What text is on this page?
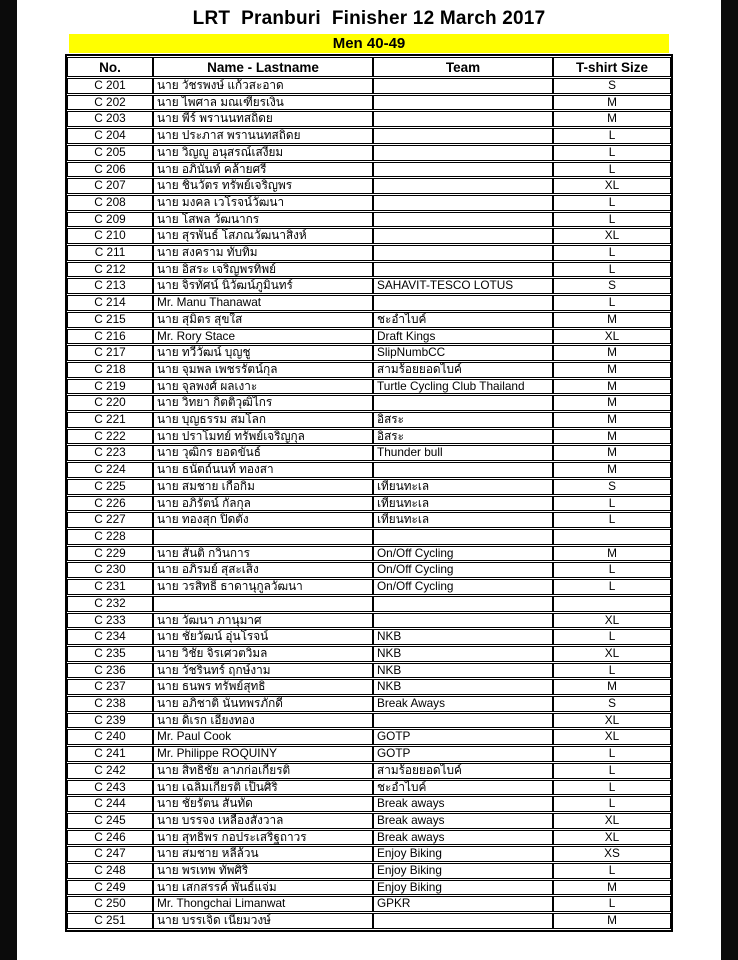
LRT  Pranburi  Finisher 12 March 2017
Men 40-49
No.	Name - Lastname	Team	T-shirt Size
C 201	นาย วัชรพงษ์ แก้วสะอาด		S
C 202	นาย ไพศาล มณเฑียรเงิน		M
C 203	นาย พีร์ พรานนทสถิดย		M
C 204	นาย ประภาส พรานนทสถิดย		L
C 205	นาย วิญญู อนุสรณ์เสงี่ยม		L
C 206	นาย อภินันท์ คล้ายศรี		L
C 207	นาย ชินวัตร ทรัพย์เจริญพร		XL
C 208	นาย มงคล เวโรจน์วัฒนา		L
C 209	นาย โสพล วัฒนากร		L
C 210	นาย สุรพันธ์ โสภณวัฒนาสิงห์		XL
C 211	นาย สงคราม ทับทิม		L
C 212	นาย อิสระ เจริญพรทิพย์		L
C 213	นาย จิรทัศน์ นิวัฒน์ภูมินทร์	SAHAVIT-TESCO LOTUS	S
C 214	Mr. Manu Thanawat		L
C 215	นาย สุมิตร สุขใส	ชะอำไบค์	M
C 216	Mr. Rory Stace	Draft Kings	XL
C 217	นาย ทวีวัฒน์ บุญชู	SlipNumbCC	M
C 218	นาย จุมพล เพชรรัตน์กุล	สามร้อยยอดไบค์	M
C 219	นาย จุลพงศ์ ผลเงาะ	Turtle Cycling Club Thailand	M
C 220	นาย วิทยา กิตติวุฒิไกร		M
C 221	นาย บุญธรรม สมโลก	อิสระ	M
C 222	นาย ปราโมทย์ ทรัพย์เจริญกุล	อิสระ	M
C 223	นาย วุฒิกร ยอดขันธ์	Thunder bull	M
C 224	นาย ธนัตถ์นนท์ ทองสา		M
C 225	นาย สมชาย เกื้อกิ้ม	เทียนทะเล	S
C 226	นาย อภิรัตน์ กัลกุล	เทียนทะเล	L
C 227	นาย ทองสุก ปิดตัง	เทียนทะเล	L
C 228			
C 229	นาย สันติ กวินการ	On/Off Cycling	M
C 230	นาย อภิรมย์ สุสะเส็ง	On/Off Cycling	L
C 231	นาย วรสิทธิ์ ธาดานุกูลวัฒนา	On/Off Cycling	L
C 232			
C 233	นาย วัฒนา ภานุมาศ		XL
C 234	นาย ชัยวัฒน์ อุ่นโรจน์	NKB	L
C 235	นาย วิชัย จิรเศวตวิมล	NKB	XL
C 236	นาย วัชรินทร์ ฤกษ์งาม	NKB	L
C 237	นาย ธนพร ทรัพย์สุทธิ	NKB	M
C 238	นาย อภิชาติ นันทพรภักดี	Break Aways	S
C 239	นาย ดิเรก เอี้ยงทอง		XL
C 240	Mr. Paul Cook	GOTP	XL
C 241	Mr. Philippe ROQUINY	GOTP	L
C 242	นาย สิทธิชัย ลาภก่อเกียรติ	สามร้อยยอดไบค์	L
C 243	นาย เฉลิมเกียรติ เป็นศิริ	ชะอำไบค์	L
C 244	นาย ชัยรัตน สันทัด	Break aways	L
C 245	นาย บรรจง เหลืองสังวาล	Break aways	XL
C 246	นาย สุทธิพร กอประเสริฐถาวร	Break aways	XL
C 247	นาย สมชาย หลีล้วน	Enjoy Biking	XS
C 248	นาย พรเทพ ทัพศิริ	Enjoy Biking	L
C 249	นาย เสกสรรค์ พันธ์แจ่ม	Enjoy Biking	M
C 250	Mr. Thongchai Limanwat	GPKR	L
C 251	นาย บรรเจิด เนียมวงษ์		M
